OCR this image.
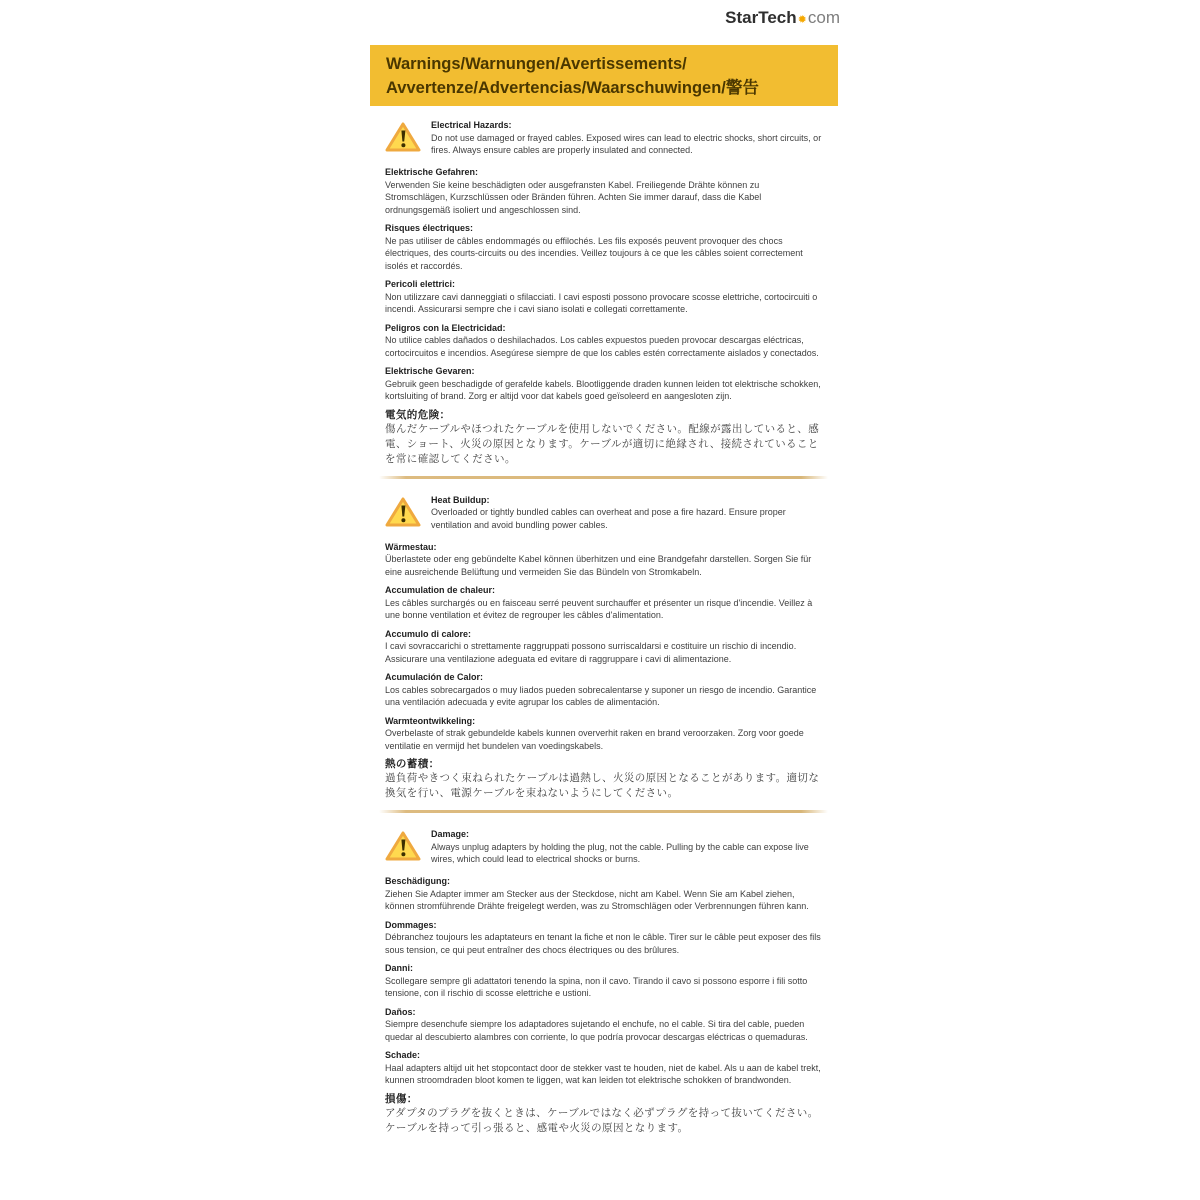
StarTech✹com
Warnings/Warnungen/Avertissements/
Avvertenze/Advertencias/Waarschuwingen/警告
Electrical Hazards:
Do not use damaged or frayed cables. Exposed wires can lead to electric shocks, short circuits, or fires. Always ensure cables are properly insulated and connected.
Elektrische Gefahren:
Verwenden Sie keine beschädigten oder ausgefransten Kabel. Freiliegende Drähte können zu Stromschlägen, Kurzschlüssen oder Bränden führen. Achten Sie immer darauf, dass die Kabel ordnungsgemäß isoliert und angeschlossen sind.
Risques électriques:
Ne pas utiliser de câbles endommagés ou effilochés. Les fils exposés peuvent provoquer des chocs électriques, des courts-circuits ou des incendies. Veillez toujours à ce que les câbles soient correctement isolés et raccordés.
Pericoli elettrici:
Non utilizzare cavi danneggiati o sfilacciati. I cavi esposti possono provocare scosse elettriche, cortocircuiti o incendi. Assicurarsi sempre che i cavi siano isolati e collegati correttamente.
Peligros con la Electricidad:
No utilice cables dañados o deshilachados. Los cables expuestos pueden provocar descargas eléctricas, cortocircuitos e incendios. Asegúrese siempre de que los cables estén correctamente aislados y conectados.
Elektrische Gevaren:
Gebruik geen beschadigde of gerafelde kabels. Blootliggende draden kunnen leiden tot elektrische schokken, kortsluiting of brand. Zorg er altijd voor dat kabels goed geïsoleerd en aangesloten zijn.
電気的危険：
傷んだケーブルやほつれたケーブルを使用しないでください。配線が露出していると、感電、ショート、火災の原因となります。ケーブルが適切に絶縁され、接続されていることを常に確認してください。
Heat Buildup:
Overloaded or tightly bundled cables can overheat and pose a fire hazard. Ensure proper ventilation and avoid bundling power cables.
Wärmestau:
Überlastete oder eng gebündelte Kabel können überhitzen und eine Brandgefahr darstellen. Sorgen Sie für eine ausreichende Belüftung und vermeiden Sie das Bündeln von Stromkabeln.
Accumulation de chaleur:
Les câbles surchargés ou en faisceau serré peuvent surchauffer et présenter un risque d'incendie. Veillez à une bonne ventilation et évitez de regrouper les câbles d'alimentation.
Accumulo di calore:
I cavi sovraccarichi o strettamente raggruppati possono surriscaldarsi e costituire un rischio di incendio. Assicurare una ventilazione adeguata ed evitare di raggruppare i cavi di alimentazione.
Acumulación de Calor:
Los cables sobrecargados o muy liados pueden sobrecalentarse y suponer un riesgo de incendio. Garantice una ventilación adecuada y evite agrupar los cables de alimentación.
Warmteontwikkeling:
Overbelaste of strak gebundelde kabels kunnen oververhit raken en brand veroorzaken. Zorg voor goede ventilatie en vermijd het bundelen van voedingskabels.
熱の蓄積：
過負荷やきつく束ねられたケーブルは過熱し、火災の原因となることがあります。適切な換気を行い、電源ケーブルを束ねないようにしてください。
Damage:
Always unplug adapters by holding the plug, not the cable. Pulling by the cable can expose live wires, which could lead to electrical shocks or burns.
Beschädigung:
Ziehen Sie Adapter immer am Stecker aus der Steckdose, nicht am Kabel. Wenn Sie am Kabel ziehen, können stromführende Drähte freigelegt werden, was zu Stromschlägen oder Verbrennungen führen kann.
Dommages:
Débranchez toujours les adaptateurs en tenant la fiche et non le câble. Tirer sur le câble peut exposer des fils sous tension, ce qui peut entraîner des chocs électriques ou des brûlures.
Danni:
Scollegare sempre gli adattatori tenendo la spina, non il cavo. Tirando il cavo si possono esporre i fili sotto tensione, con il rischio di scosse elettriche e ustioni.
Daños:
Siempre desenchufe siempre los adaptadores sujetando el enchufe, no el cable. Si tira del cable, pueden quedar al descubierto alambres con corriente, lo que podría provocar descargas eléctricas o quemaduras.
Schade:
Haal adapters altijd uit het stopcontact door de stekker vast te houden, niet de kabel. Als u aan de kabel trekt, kunnen stroomdraden bloot komen te liggen, wat kan leiden tot elektrische schokken of brandwonden.
損傷：
アダプタのプラグを抜くときは、ケーブルではなく必ずプラグを持って抜いてください。ケーブルを持って引っ張ると、感電や火災の原因となります。
